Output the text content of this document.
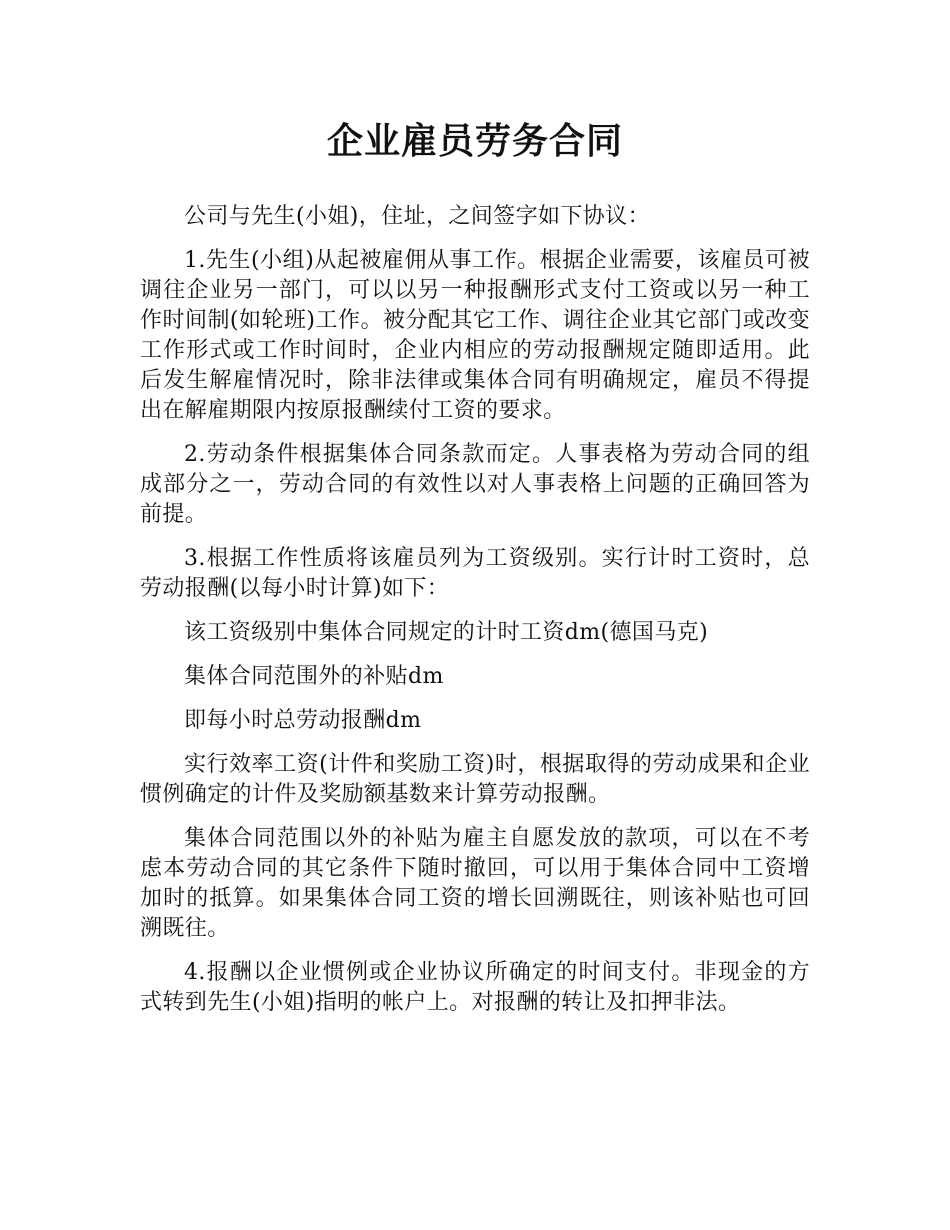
企业雇员劳务合同

公司与先生(小姐)，住址，之间签字如下协议：

1.先生(小组)从起被雇佣从事工作。根据企业需要，该雇员可被调往企业另一部门，可以以另一种报酬形式支付工资或以另一种工作时间制(如轮班)工作。被分配其它工作、调往企业其它部门或改变工作形式或工作时间时，企业内相应的劳动报酬规定随即适用。此后发生解雇情况时，除非法律或集体合同有明确规定，雇员不得提出在解雇期限内按原报酬续付工资的要求。

2.劳动条件根据集体合同条款而定。人事表格为劳动合同的组成部分之一，劳动合同的有效性以对人事表格上问题的正确回答为前提。

3.根据工作性质将该雇员列为工资级别。实行计时工资时，总劳动报酬(以每小时计算)如下：

该工资级别中集体合同规定的计时工资dm(德国马克)

集体合同范围外的补贴dm

即每小时总劳动报酬dm

实行效率工资(计件和奖励工资)时，根据取得的劳动成果和企业惯例确定的计件及奖励额基数来计算劳动报酬。

集体合同范围以外的补贴为雇主自愿发放的款项，可以在不考虑本劳动合同的其它条件下随时撤回，可以用于集体合同中工资增加时的抵算。如果集体合同工资的增长回溯既往，则该补贴也可回溯既往。

4.报酬以企业惯例或企业协议所确定的时间支付。非现金的方式转到先生(小姐)指明的帐户上。对报酬的转让及扣押非法。
